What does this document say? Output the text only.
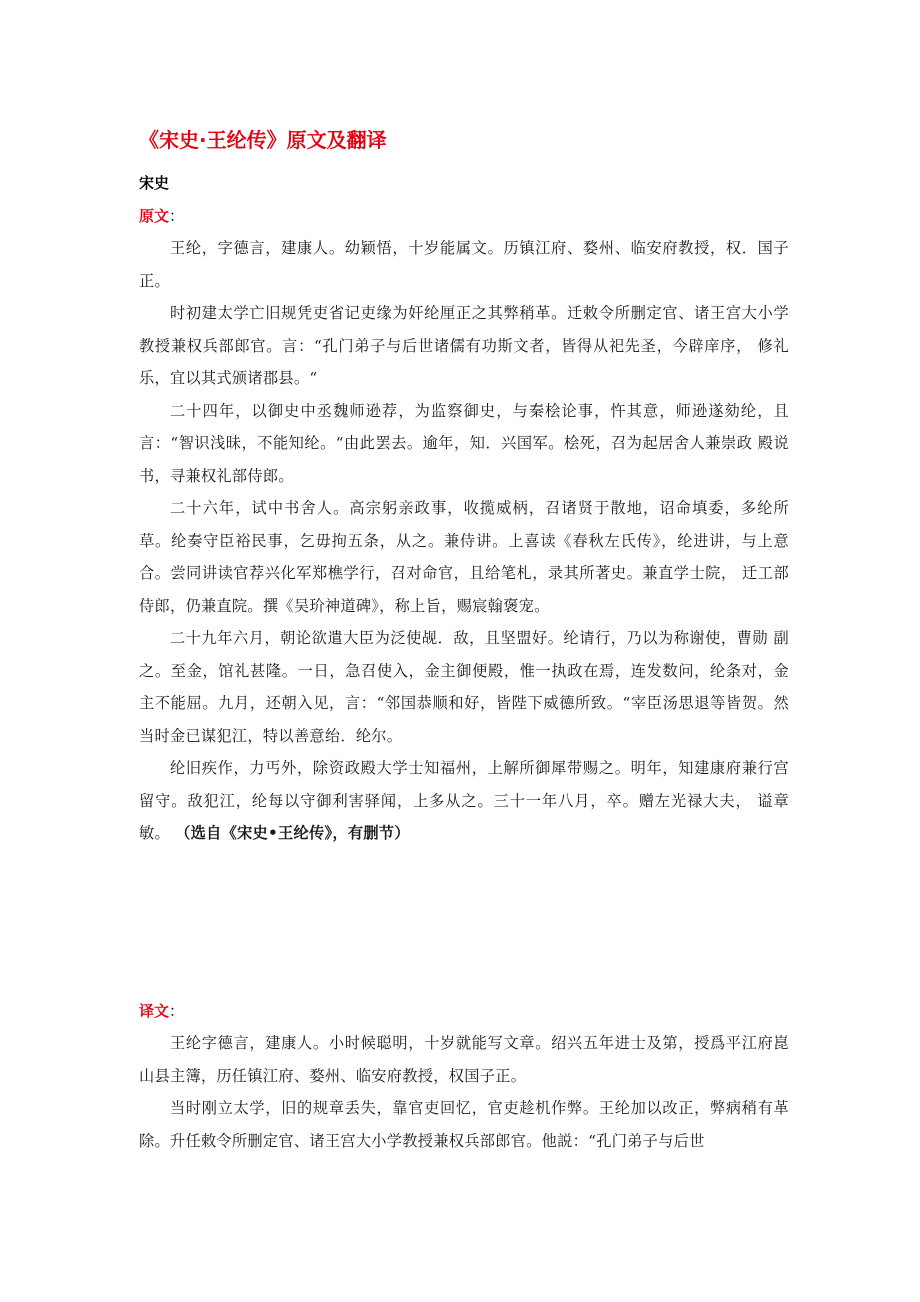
《宋史·王纶传》原文及翻译
宋史
原文：

王纶，字德言，建康人。幼颖悟，十岁能属文。历镇江府、婺州、临安府教授，权．国子正。

时初建太学亡旧规凭吏省记吏缘为奸纶厘正之其弊稍革。迁敕令所删定官、诸王宫大小学教授兼权兵部郎官。言：“孔门弟子与后世诸儒有功斯文者，皆得从祀先圣，今辟庠序， 修礼乐，宜以其式颁诸郡县。“

二十四年，以御史中丞魏师逊荐，为监察御史，与秦桧论事，忤其意，师逊遂劾纶，且言：“智识浅昧，不能知纶。“由此罢去。逾年，知．兴国军。桧死，召为起居舍人兼崇政 殿说书，寻兼权礼部侍郎。

二十六年，试中书舍人。高宗躬亲政事，收揽威柄，召诸贤于散地，诏命填委，多纶所草。纶奏守臣裕民事，乞毋拘五条，从之。兼侍讲。上喜读《春秋左氏传》，纶进讲，与上意合。尝同讲读官荐兴化军郑樵学行，召对命官，且给笔札，录其所著史。兼直学士院， 迁工部侍郎，仍兼直院。撰《吴玠神道碑》，称上旨，赐宸翰褒宠。

二十九年六月，朝论欲遣大臣为泛使觇．敌，且坚盟好。纶请行，乃以为称谢使，曹勋 副之。至金，馆礼甚隆。一日，急召使入，金主御便殿，惟一执政在焉，连发数问，纶条对，金主不能屈。九月，还朝入见，言：“邻国恭顺和好，皆陛下威德所致。“宰臣汤思退等皆贺。然当时金已谋犯江，特以善意绐．纶尔。

纶旧疾作，力丐外，除资政殿大学士知福州，上解所御犀带赐之。明年，知建康府兼行宫留守。敌犯江，纶每以守御利害驿闻，上多从之。三十一年八月，卒。赠左光禄大夫， 谥章敏。 （选自《宋史•王纶传》，有删节）

译文：

王纶字德言，建康人。小时候聪明，十岁就能写文章。绍兴五年进士及第，授爲平江府崑山县主簿，历任镇江府、婺州、临安府教授，权国子正。

当时刚立太学，旧的规章丢失，靠官吏回忆，官吏趁机作弊。王纶加以改正，弊病稍有革除。升任敕令所删定官、诸王宫大小学教授兼权兵部郎官。他説：“孔门弟子与后世
